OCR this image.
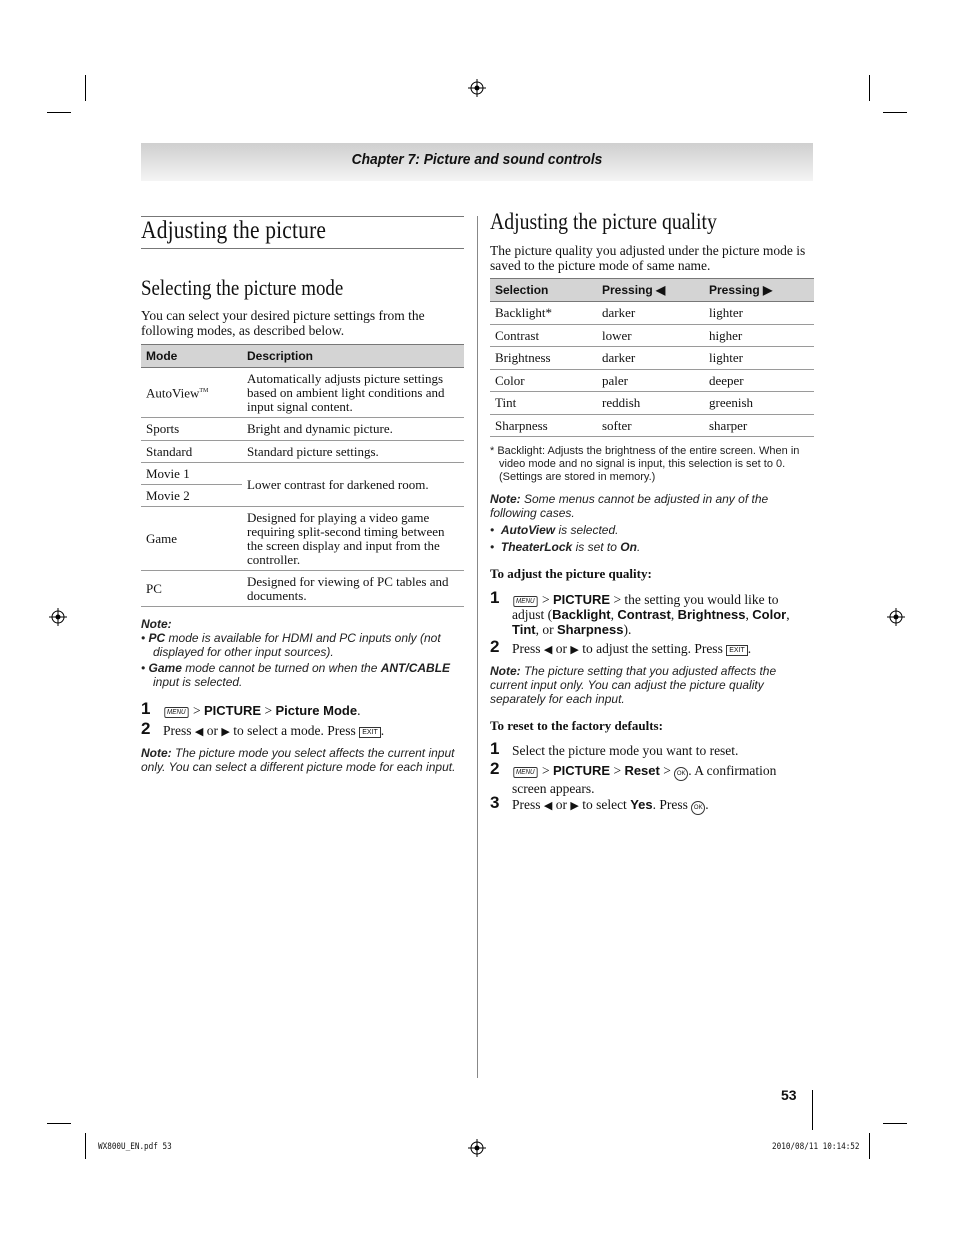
Chapter 7: Picture and sound controls
Adjusting the picture
Selecting the picture mode
You can select your desired picture settings from the following modes, as described below.
Mode	Description
AutoView™	Automatically adjusts picture settings based on ambient light conditions and input signal content.
Sports	Bright and dynamic picture.
Standard	Standard picture settings.
Movie 1	Lower contrast for darkened room.
Movie 2	
Game	Designed for playing a video game requiring split-second timing between the screen display and input from the controller.
PC	Designed for viewing of PC tables and documents.
Note:
• PC mode is available for HDMI and PC inputs only (not displayed for other input sources).
• Game mode cannot be turned on when the ANT/CABLE input is selected.
1	MENU > PICTURE > Picture Mode.
2 Press ◀ or ▶ to select a mode. Press EXIT .
Note: The picture mode you select affects the current input only. You can select a different picture mode for each input.
Adjusting the picture quality
The picture quality you adjusted under the picture mode is saved to the picture mode of same name.
Selection	Pressing ◀	Pressing ▶
Backlight*	darker	lighter
Contrast	lower	higher
Brightness	darker	lighter
Color	paler	deeper
Tint	reddish	greenish
Sharpness	softer	sharper
* Backlight: Adjusts the brightness of the entire screen. When in video mode and no signal is input, this selection is set to 0. (Settings are stored in memory.)
Note: Some menus cannot be adjusted in any of the following cases.
•  AutoView is selected.
•  TheaterLock is set to On.
To adjust the picture quality:
1	MENU > PICTURE > the setting you would like to adjust (Backlight, Contrast, Brightness, Color, Tint, or Sharpness).
2 Press ◀ or ▶ to adjust the setting. Press EXIT .
Note: The picture setting that you adjusted affects the current input only. You can adjust the picture quality separately for each input.
To reset to the factory defaults:
1 Select the picture mode you want to reset.
2	MENU > PICTURE > Reset > OK . A confirmation screen appears.
3 Press ◀ or ▶ to select Yes. Press OK .
53
WX800U_EN.pdf 53	2010/08/11 10:14:52
